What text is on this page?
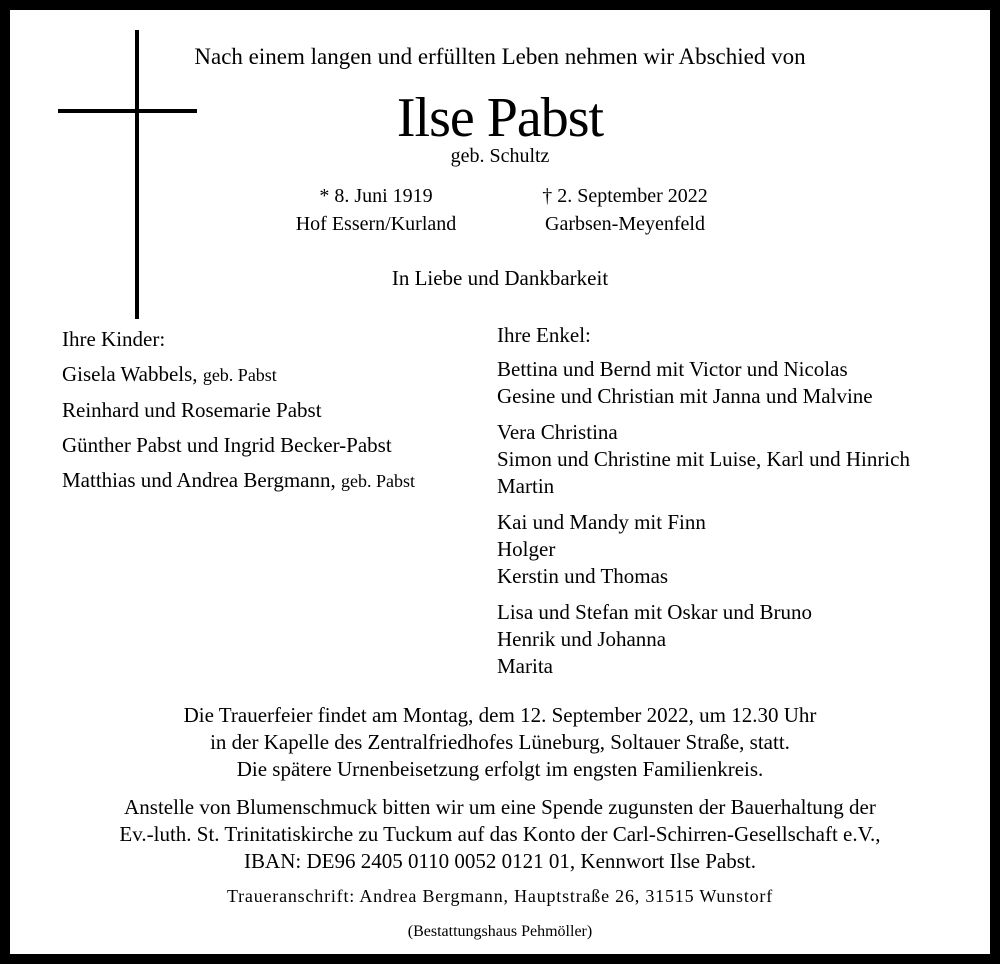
Nach einem langen und erfüllten Leben nehmen wir Abschied von
Ilse Pabst
geb. Schultz
* 8. Juni 1919
Hof Essern/Kurland
† 2. September 2022
Garbsen-Meyenfeld
In Liebe und Dankbarkeit
Ihre Kinder:
Gisela Wabbels, geb. Pabst
Reinhard und Rosemarie Pabst
Günther Pabst und Ingrid Becker-Pabst
Matthias und Andrea Bergmann, geb. Pabst
Ihre Enkel:
Bettina und Bernd mit Victor und Nicolas
Gesine und Christian mit Janna und Malvine
Vera Christina
Simon und Christine mit Luise, Karl und Hinrich
Martin
Kai und Mandy mit Finn
Holger
Kerstin und Thomas
Lisa und Stefan mit Oskar und Bruno
Henrik und Johanna
Marita
Die Trauerfeier findet am Montag, dem 12. September 2022, um 12.30 Uhr
in der Kapelle des Zentralfriedhofes Lüneburg, Soltauer Straße, statt.
Die spätere Urnenbeisetzung erfolgt im engsten Familienkreis.
Anstelle von Blumenschmuck bitten wir um eine Spende zugunsten der Bauerhaltung der
Ev.-luth. St. Trinitatiskirche zu Tuckum auf das Konto der Carl-Schirren-Gesellschaft e.V.,
IBAN: DE96 2405 0110 0052 0121 01, Kennwort Ilse Pabst.
Traueranschrift: Andrea Bergmann, Hauptstraße 26, 31515 Wunstorf
(Bestattungshaus Pehmöller)
